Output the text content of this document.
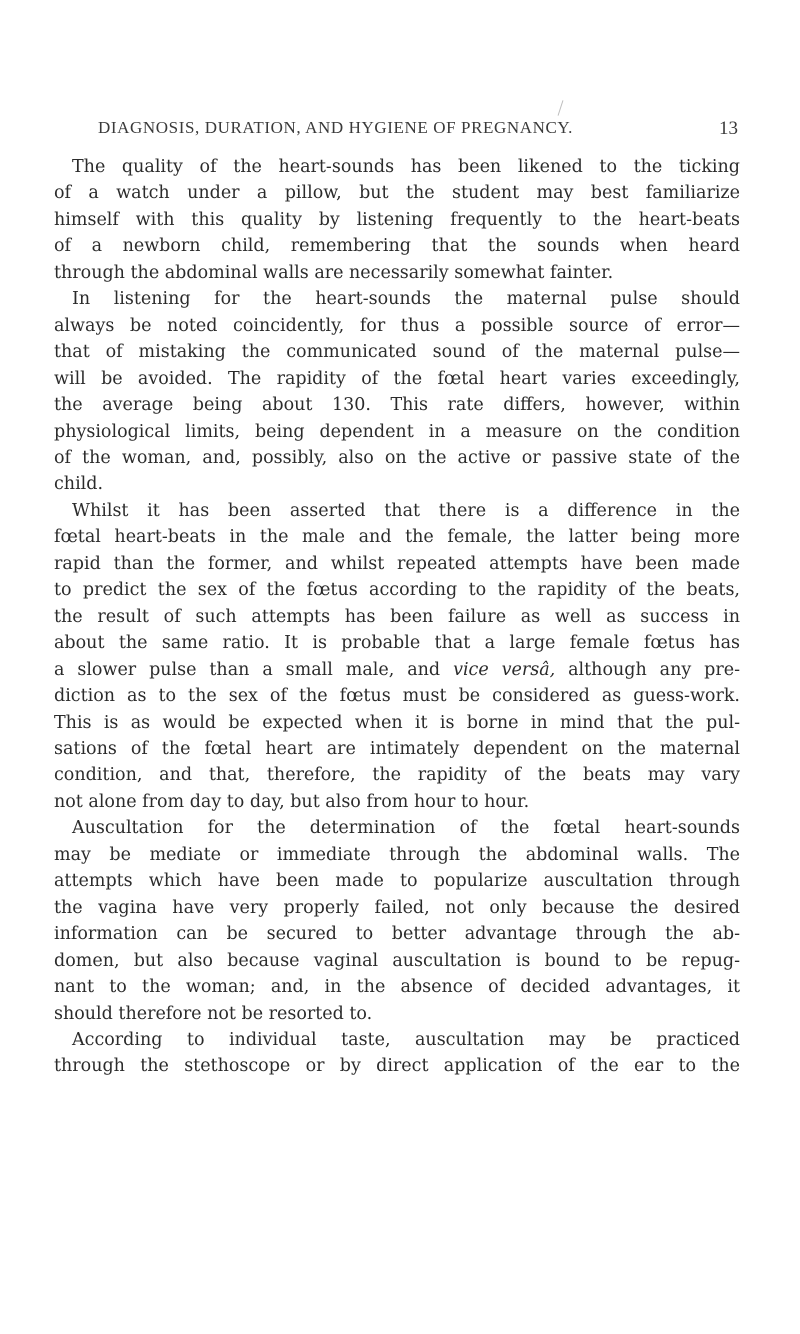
DIAGNOSIS, DURATION, AND HYGIENE OF PREGNANCY.	13
The quality of the heart-sounds has been likened to the ticking
of a watch under a pillow, but the student may best familiarize
himself with this quality by listening frequently to the heart-beats
of a newborn child, remembering that the sounds when heard
through the abdominal walls are necessarily somewhat fainter.
In listening for the heart-sounds the maternal pulse should
always be noted coincidently, for thus a possible source of error—
that of mistaking the communicated sound of the maternal pulse—
will be avoided. The rapidity of the fœtal heart varies exceedingly,
the average being about 130. This rate differs, however, within
physiological limits, being dependent in a measure on the condition
of the woman, and, possibly, also on the active or passive state of the
child.
Whilst it has been asserted that there is a difference in the
fœtal heart-beats in the male and the female, the latter being more
rapid than the former, and whilst repeated attempts have been made
to predict the sex of the fœtus according to the rapidity of the beats,
the result of such attempts has been failure as well as success in
about the same ratio. It is probable that a large female fœtus has
a slower pulse than a small male, and vice versâ, although any pre-
diction as to the sex of the fœtus must be considered as guess-work.
This is as would be expected when it is borne in mind that the pul-
sations of the fœtal heart are intimately dependent on the maternal
condition, and that, therefore, the rapidity of the beats may vary
not alone from day to day, but also from hour to hour.
Auscultation for the determination of the fœtal heart-sounds
may be mediate or immediate through the abdominal walls. The
attempts which have been made to popularize auscultation through
the vagina have very properly failed, not only because the desired
information can be secured to better advantage through the ab-
domen, but also because vaginal auscultation is bound to be repug-
nant to the woman; and, in the absence of decided advantages, it
should therefore not be resorted to.
According to individual taste, auscultation may be practiced
through the stethoscope or by direct application of the ear to the
